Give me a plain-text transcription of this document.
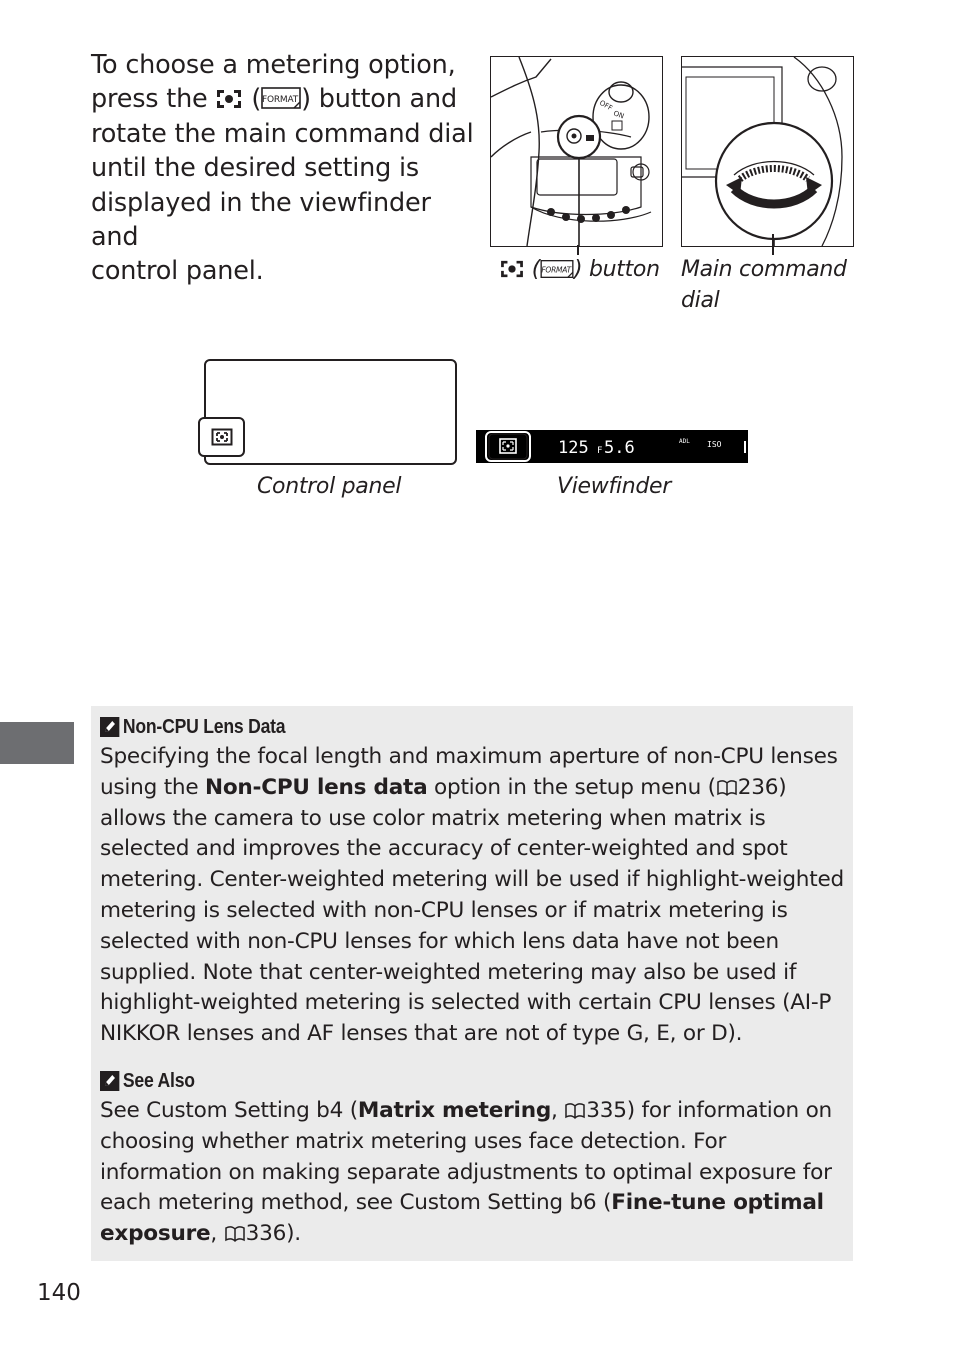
To choose a metering option,
press the ( FORMAT ) button and
rotate the main command dial
until the desired setting is
displayed in the viewfinder and
control panel.
OFF
ON
( FORMAT ) button Main command
dial
Control panel
125 F 5.6	ADL ISO
Viewfinder
Non-CPU Lens Data
Specifying the focal length and maximum aperture of non-CPU lenses using the Non-CPU lens data option in the setup menu ( 236) allows the camera to use color matrix metering when matrix is selected and improves the accuracy of center-weighted and spot metering. Center-weighted metering will be used if highlight-weighted metering is selected with non-CPU lenses or if matrix metering is selected with non-CPU lenses for which lens data have not been supplied. Note that center-weighted metering may also be used if highlight-weighted metering is selected with certain CPU lenses (AI-P NIKKOR lenses and AF lenses that are not of type G, E, or D).
See Also
See Custom Setting b4 (Matrix metering, 335) for information on choosing whether matrix metering uses face detection. For information on making separate adjustments to optimal exposure for each metering method, see Custom Setting b6 (Fine-tune optimal exposure, 336).
140
